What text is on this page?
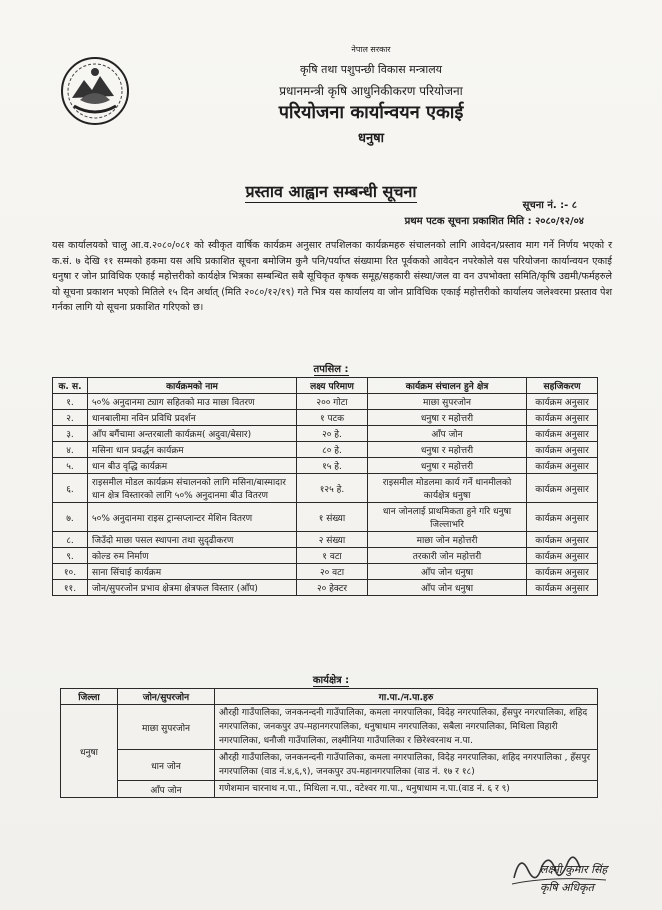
नेपाल सरकार
कृषि तथा पशुपन्छी विकास मन्त्रालय
प्रधानमन्त्री कृषि आधुनिकीकरण परियोजना
परियोजना कार्यान्वयन एकाई
धनुषा
प्रस्ताव आह्वान सम्बन्धी सूचना
सूचना नं. :- ८
प्रथम पटक सूचना प्रकाशित मिति : २०८०/१२/०४
यस कार्यालयको चालु आ.व.२०८०/०८१ को स्वीकृत वार्षिक कार्यक्रम अनुसार तपशिलका कार्यक्रमहरु संचालनको लागि आवेदन/प्रस्ताव माग गर्ने निर्णय भएको र क.सं. ७ देखि ११ सम्मको हकमा यस अघि प्रकाशित सूचना बमोजिम कुनै पनि/पर्याप्त संख्यामा रित पूर्वकको आवेदन नपरेकोले यस परियोजना कार्यान्वयन एकाई धनुषा र जोन प्राविधिक एकाई महोत्तरीको कार्यक्षेत्र भित्रका सम्बन्धित सबै सूचिकृत कृषक समूह/सहकारी संस्था/जल वा वन उपभोक्ता समिति/कृषि उद्यमी/फर्महरुले यो सूचना प्रकाशन भएको मितिले १५ दिन अर्थात् (मिति २०८०/१२/१९) गते भित्र यस कार्यालय वा जोन प्राविधिक एकाई महोत्तरीको कार्यालय जलेश्वरमा प्रस्ताव पेश गर्नका लागि यो सूचना प्रकाशित गरिएको छ।
तपसिल :
क. स.	कार्यक्रमको नाम	लक्ष्य परिमाण	कार्यक्रम संचालन हुने क्षेत्र	सहजिकरण
१.	५०% अनुदानमा ट्याग सहितको माउ माछा वितरण	२०० गोटा	माछा सुपरजोन	कार्यक्रम अनुसार
२.	धानबालीमा नविन प्रविधि प्रदर्शन	१ पटक	धनुषा र महोत्तरी	कार्यक्रम अनुसार
३.	आँप बगैंचामा अन्तरबाली कार्यक्रम( अदुवा/बेसार)	२० हे.	आँप जोन	कार्यक्रम अनुसार
४.	मसिना धान प्रवर्द्धन कार्यक्रम	८० हे.	धनुषा र महोत्तरी	कार्यक्रम अनुसार
५.	धान बीउ वृद्धि कार्यक्रम	१५ हे.	धनुषा र महोत्तरी	कार्यक्रम अनुसार
६.	राइसमील मोडल कार्यक्रम संचालनको लागि मसिना/बास्मादार धान क्षेत्र विस्तारको लागि ५०% अनुदानमा बीउ वितरण	१२५ हे.	राइसमील मोडलमा कार्य गर्ने धानमीलको कार्यक्षेत्र धनुषा	कार्यक्रम अनुसार
७.	५०% अनुदानमा राइस ट्रान्सप्लान्टर मेशिन वितरण	१ संख्या	धान जोनलाई प्राथमिकता हुने गरि धनुषा जिल्लाभरि	कार्यक्रम अनुसार
८.	जिउँदो माछा पसल स्थापना तथा सुदृढीकरण	२ संख्या	माछा जोन महोत्तरी	कार्यक्रम अनुसार
९.	कोल्ड रुम निर्माण	१ वटा	तरकारी जोन महोत्तरी	कार्यक्रम अनुसार
१०.	साना सिंचाई कार्यक्रम	२० वटा	आँप जोन धनुषा	कार्यक्रम अनुसार
११.	जोन/सुपरजोन प्रभाव क्षेत्रमा क्षेत्रफल विस्तार (आँप)	२० हेक्टर	आँप जोन धनुषा	कार्यक्रम अनुसार
कार्यक्षेत्र :
जिल्ला	जोन/सुपरजोन	गा.पा./न.पा.हरु
धनुषा	माछा सुपरजोन	औरही गाउँपालिका, जनकनन्दनी गाउँपालिका, कमला नगरपालिका, विदेह नगरपालिका, हँसपुर नगरपालिका, शहिद नगरपालिका, जनकपुर उप-महानगरपालिका, धनुषाधाम नगरपालिका, सबैला नगरपालिका, मिथिला विहारी नगरपालिका, धनौजी गाउँपालिका, लक्ष्मीनिया गाउँपालिका र छिरेश्वरनाथ न.पा.
	धान जोन	औरही गाउँपालिका, जनकनन्दनी गाउँपालिका, कमला नगरपालिका, विदेह नगरपालिका, शहिद नगरपालिका , हँसपुर नगरपालिका (वाड नं.४,६,९), जनकपुर उप-महानगरपालिका (वाड नं. १७ र १८)
	आँप जोन	गणेशमान चारनाथ न.पा., मिथिला न.पा., वटेश्वर गा.पा., धनुषाधाम न.पा.(वाड नं. ६ र ९)
लक्ष्मी कुमार सिंह
कृषि अधिकृत
